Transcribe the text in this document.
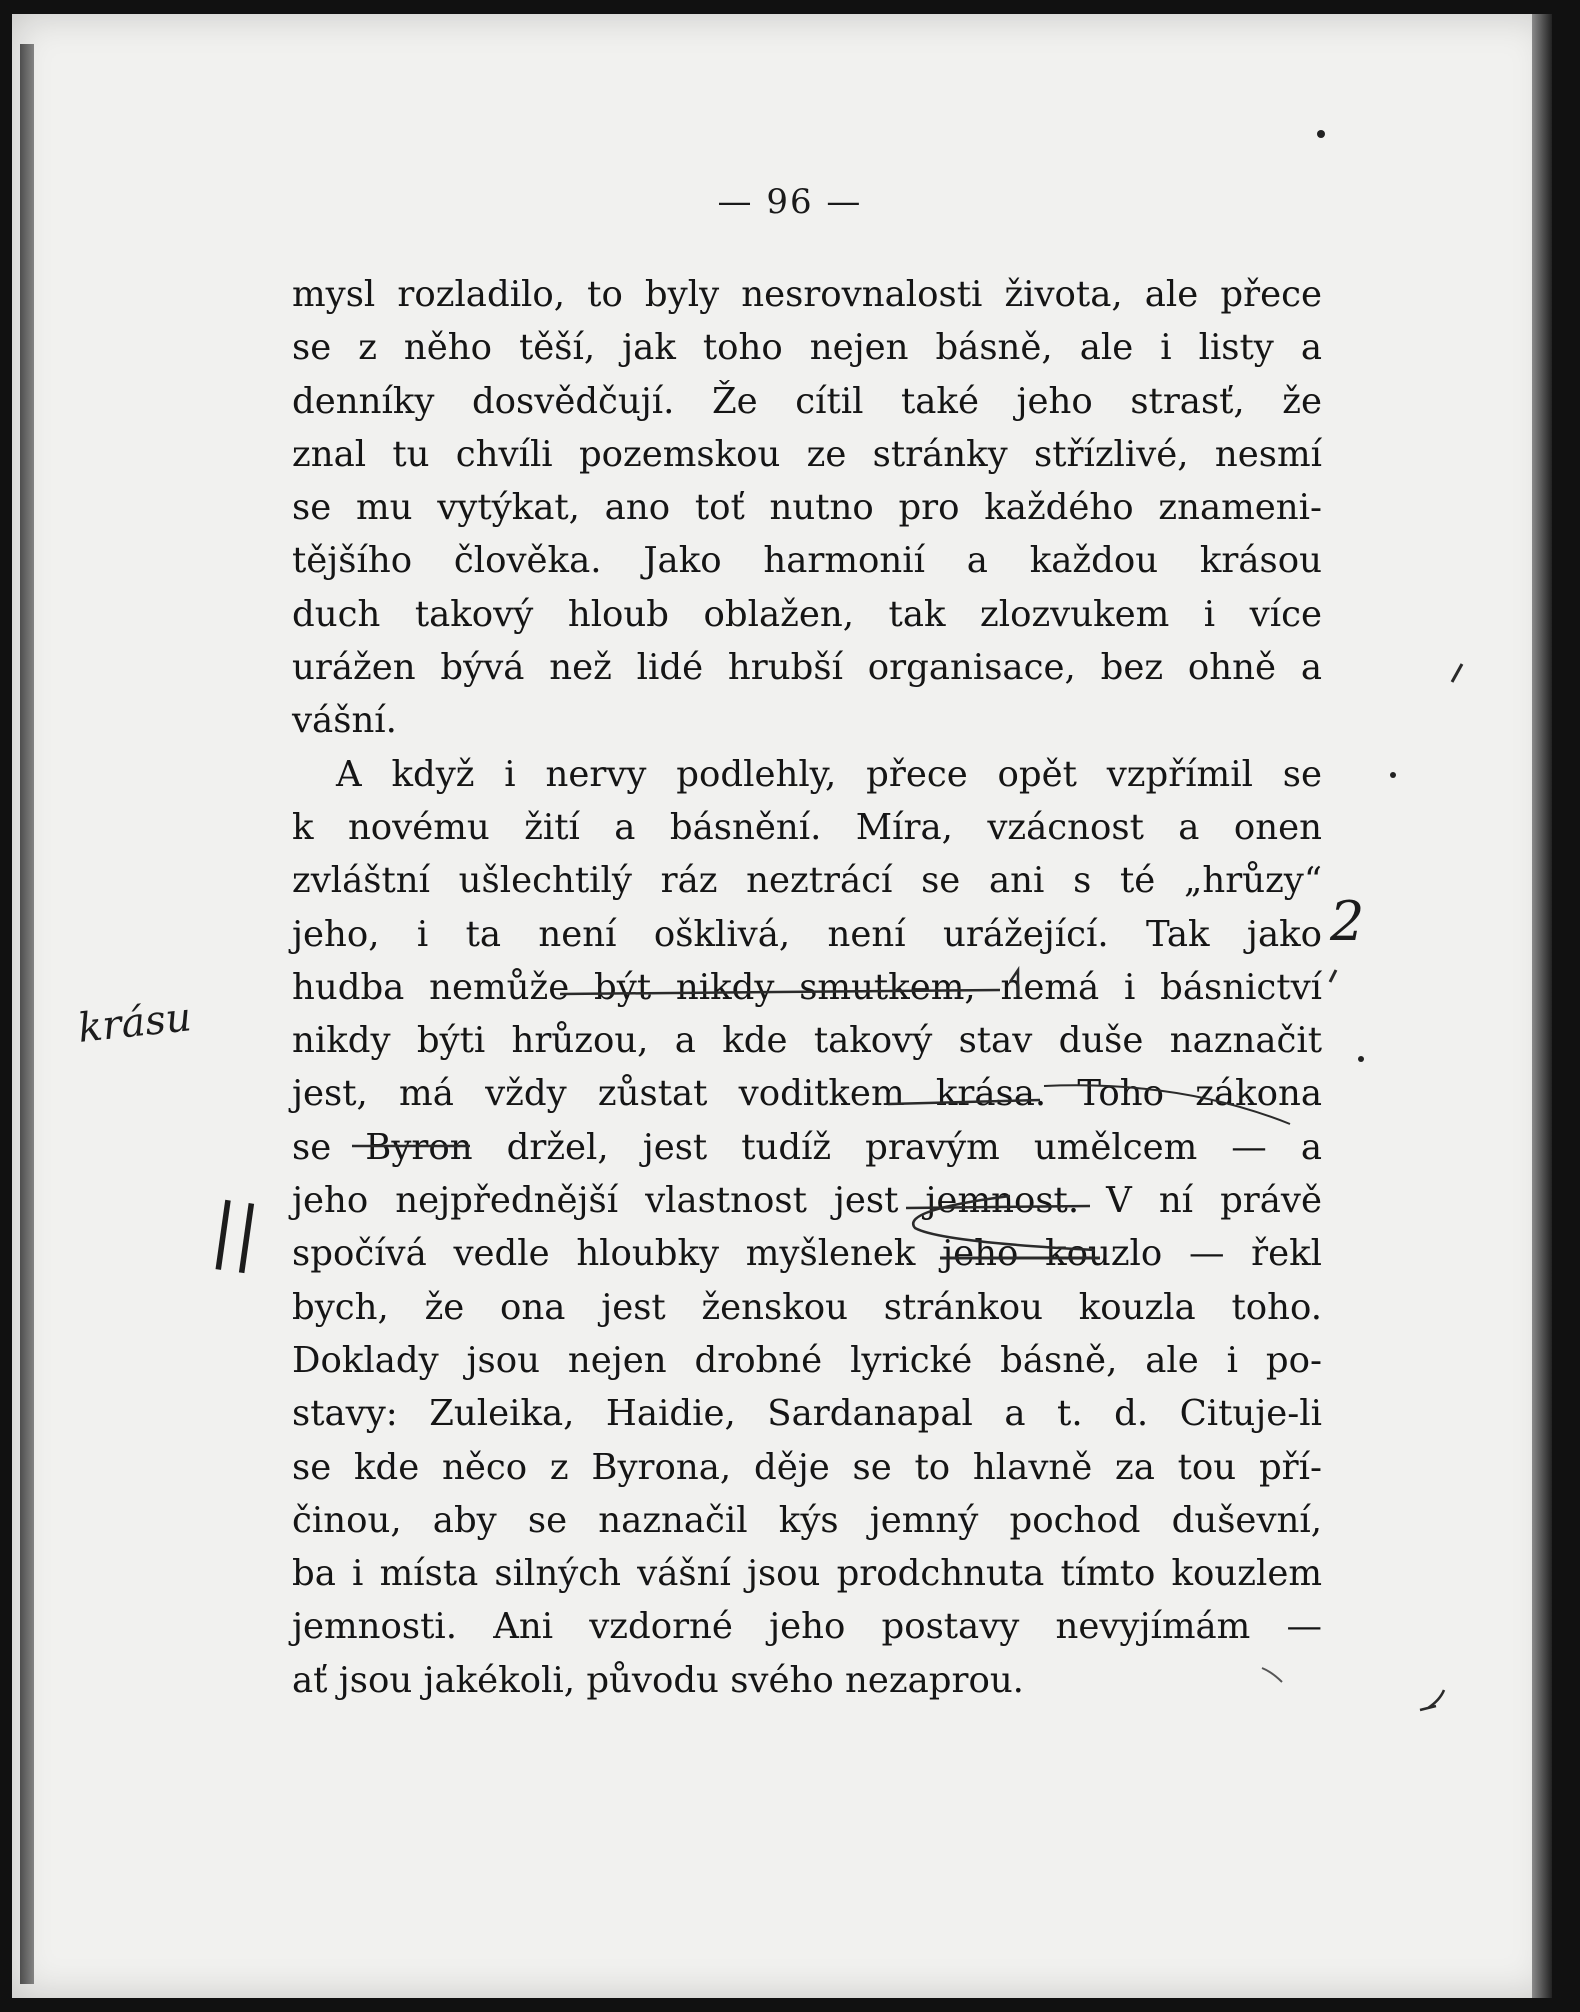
— 96 —
mysl rozladilo, to byly nesrovnalosti života, ale přece
se z něho těší, jak toho nejen básně, ale i listy a
denníky dosvědčují. Že cítil také jeho strasť, že
znal tu chvíli pozemskou ze stránky střízlivé, nesmí
se mu vytýkat, ano toť nutno pro každého znameni-
tějšího člověka. Jako harmonií a každou krásou
duch takový hloub oblažen, tak zlozvukem i více
urážen bývá než lidé hrubší organisace, bez ohně a
vášní.
A když i nervy podlehly, přece opět vzpřímil se
k novému žití a básnění. Míra, vzácnost a onen
zvláštní ušlechtilý ráz neztrácí se ani s té „hrůzy“
jeho, i ta není ošklivá, není urážející. Tak jako
hudba nemůže být nikdy smutkem, nemá i básnictví
nikdy býti hrůzou, a kde takový stav duše naznačit
jest, má vždy zůstat voditkem krása. Toho zákona
se Byron držel, jest tudíž pravým umělcem — a
jeho nejpřednější vlastnost jest jemnost. V ní právě
spočívá vedle hloubky myšlenek jeho kouzlo — řekl
bych, že ona jest ženskou stránkou kouzla toho.
Doklady jsou nejen drobné lyrické básně, ale i po-
stavy: Zuleika, Haidie, Sardanapal a t. d. Cituje-li
se kde něco z Byrona, děje se to hlavně za tou pří-
činou, aby se naznačil kýs jemný pochod duševní,
ba i místa silných vášní jsou prodchnuta tímto kouzlem
jemnosti. Ani vzdorné jeho postavy nevyjímám —
ať jsou jakékoli, původu svého nezaprou.
krásu
2
||
